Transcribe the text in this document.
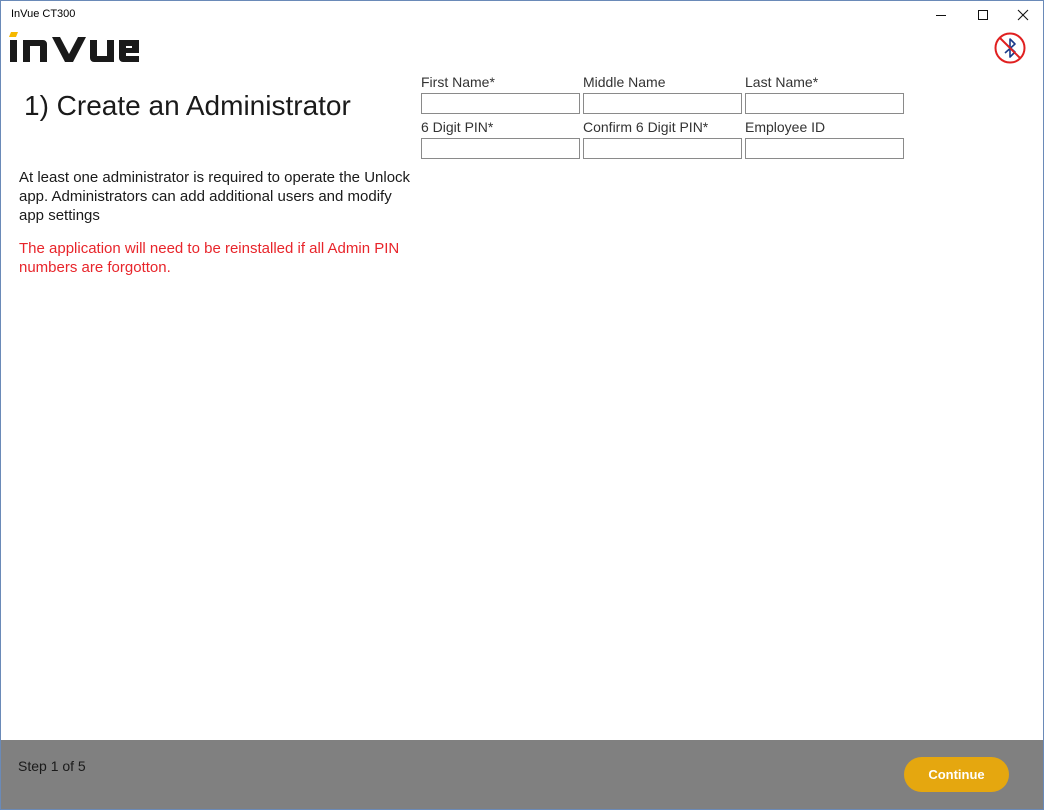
InVue CT300
1) Create an Administrator

At least one administrator is required to operate the Unlock app. Administrators can add additional users and modify app settings

The application will need to be reinstalled if all Admin PIN numbers are forgotton.

First Name*	Middle Name	Last Name*
6 Digit PIN*	Confirm 6 Digit PIN*	Employee ID
Step 1 of 5
Continue
